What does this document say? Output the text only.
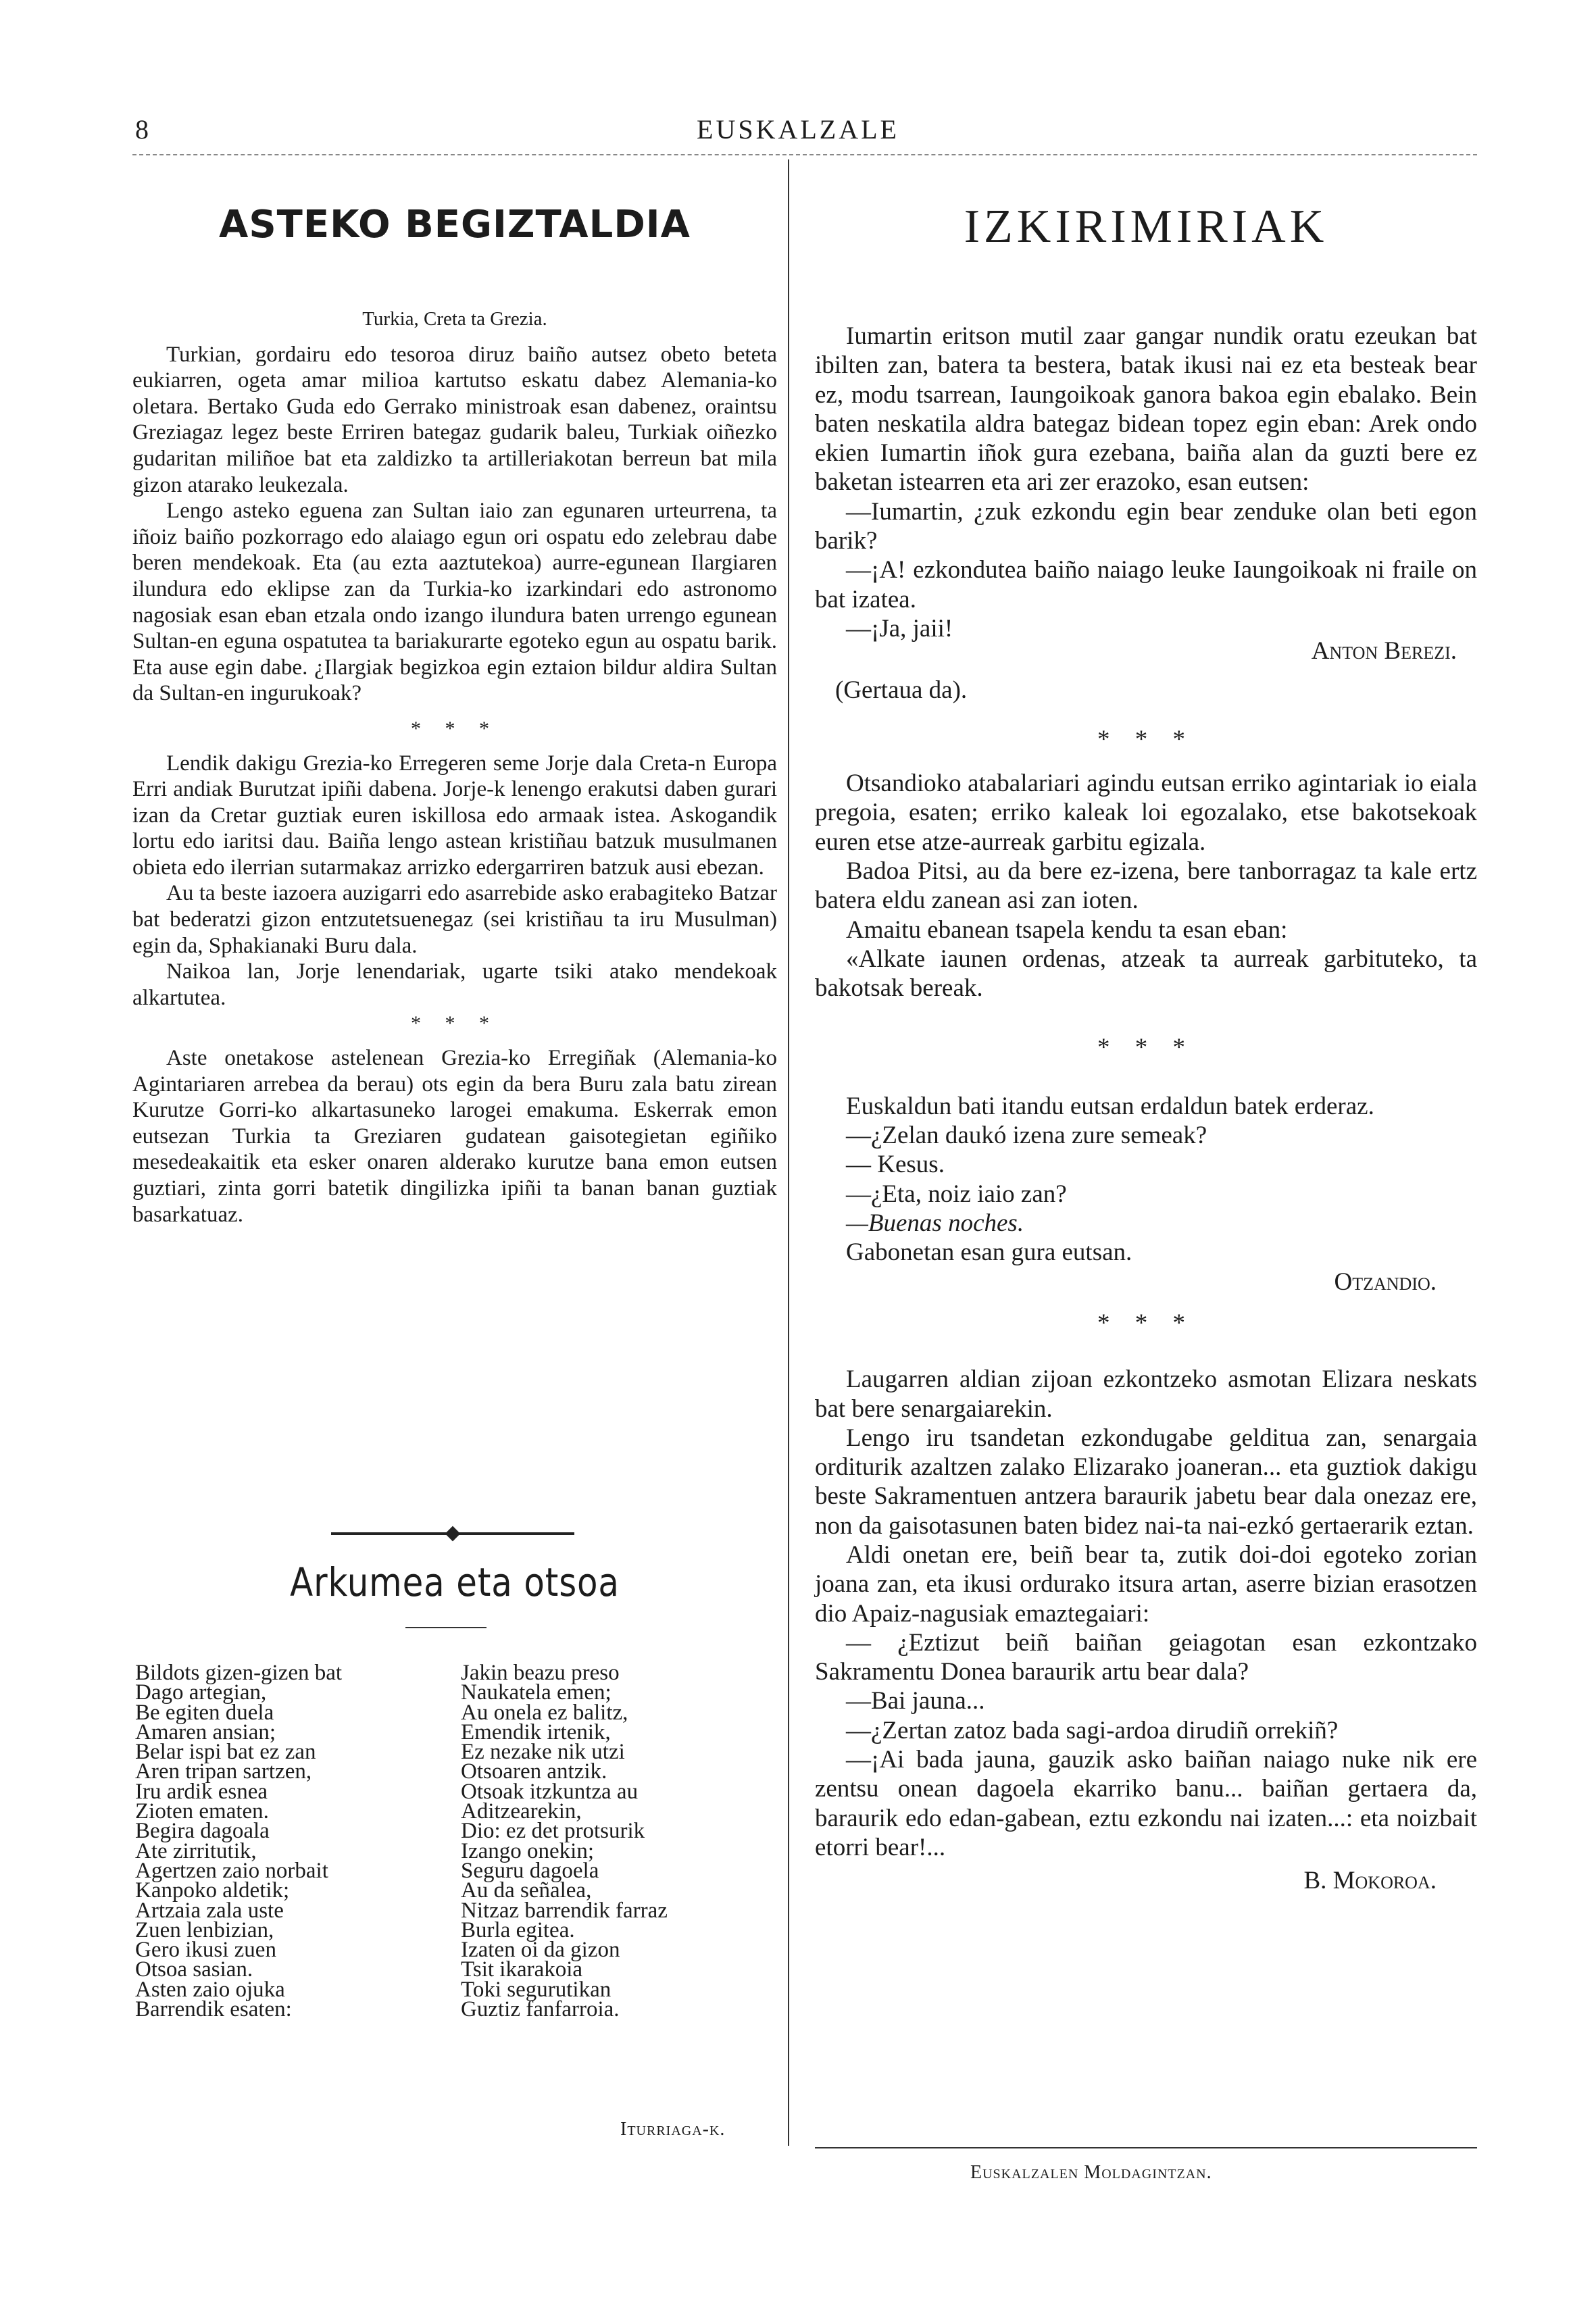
8	EUSKALZALE
ASTEKO BEGIZTALDIA

Turkia, Creta ta Grezia.

Turkian, gordairu edo tesoroa diruz baiño autsez obeto beteta eukiarren, ogeta amar milioa kartutso eskatu dabez Alemania-ko oletara. Bertako Guda edo Gerrako ministroak esan dabenez, oraintsu Greziagaz legez beste Erriren bategaz gudarik baleu, Turkiak oiñezko gudaritan miliñoe bat eta zaldizko ta artilleriakotan berreun bat mila gizon atarako leukezala.

Lengo asteko eguena zan Sultan iaio zan egunaren urteurrena, ta iñoiz baiño pozkorrago edo alaiago egun ori ospatu edo zelebrau dabe beren mendekoak. Eta (au ezta aaztutekoa) aurre-egunean Ilargiaren ilundura edo eklipse zan da Turkia-ko izarkindari edo astronomo nagosiak esan eban etzala ondo izango ilundura baten urrengo egunean Sultan-en eguna ospatutea ta bariakurarte egoteko egun au ospatu barik. Eta ause egin dabe. ¿Ilargiak begizkoa egin eztaion bildur aldira Sultan da Sultan-en ingurukoak?

* * *

Lendik dakigu Grezia-ko Erregeren seme Jorje dala Creta-n Europa Erri andiak Burutzat ipiñi dabena. Jorje-k lenengo erakutsi daben gurari izan da Cretar guztiak euren iskillosa edo armaak istea. Askogandik lortu edo iaritsi dau. Baiña lengo astean kristiñau batzuk musulmanen obieta edo ilerrian sutarmakaz arrizko edergarriren batzuk ausi ebezan.

Au ta beste iazoera auzigarri edo asarrebide asko erabagiteko Batzar bat bederatzi gizon entzutetsuenegaz (sei kristiñau ta iru Musulman) egin da, Sphakianaki Buru dala.

Naikoa lan, Jorje lenendariak, ugarte tsiki atako mendekoak alkartutea.

* * *

Aste onetakose astelenean Grezia-ko Erregiñak (Alemania-ko Agintariaren arrebea da berau) ots egin da bera Buru zala batu zirean Kurutze Gorri-ko alkartasuneko larogei emakuma. Eskerrak emon eutsezan Turkia ta Greziaren gudatean gaisotegietan egiñiko mesedeakaitik eta esker onaren alderako kurutze bana emon eutsen guztiari, zinta gorri batetik dingilizka ipiñi ta banan banan guztiak basarkatuaz.

Arkumea eta otsoa
Bildots gizen-gizen bat
Dago artegian,
Be egiten duela
Amaren ansian;
Belar ispi bat ez zan
Aren tripan sartzen,
Iru ardik esnea
Zioten ematen.
Begira dagoala
Ate zirritutik,
Agertzen zaio norbait
Kanpoko aldetik;
Artzaia zala uste
Zuen lenbizian,
Gero ikusi zuen
Otsoa sasian.
Asten zaio ojuka
Barrendik esaten:
Jakin beazu preso
Naukatela emen;
Au onela ez balitz,
Emendik irtenik,
Ez nezake nik utzi
Otsoaren antzik.
Otsoak itzkuntza au
Aditzearekin,
Dio: ez det protsurik
Izango onekin;
Seguru dagoela
Au da señalea,
Nitzaz barrendik farraz
Burla egitea.
Izaten oi da gizon
Tsit ikarakoia
Toki segurutikan
Guztiz fanfarroia.
Iturriaga-k.
IZKIRIMIRIAK

Iumartin eritson mutil zaar gangar nundik oratu ezeukan bat ibilten zan, batera ta bestera, batak ikusi nai ez eta besteak bear ez, modu tsarrean, Iaungoikoak ganora bakoa egin ebalako. Bein baten neskatila aldra bategaz bidean topez egin eban: Arek ondo ekien Iumartin iñok gura ezebana, baiña alan da guzti bere ez baketan istearren eta ari zer erazoko, esan eutsen:

—Iumartin, ¿zuk ezkondu egin bear zenduke olan beti egon barik?

—¡A! ezkondutea baiño naiago leuke Iaungoikoak ni fraile on bat izatea.

—¡Ja, jaii!

Anton Berezi.

(Gertaua da).

* * *

Otsandioko atabalariari agindu eutsan erriko agintariak io eiala pregoia, esaten; erriko kaleak loi egozalako, etse bakotsekoak euren etse atze-aurreak garbitu egizala.

Badoa Pitsi, au da bere ez-izena, bere tanborragaz ta kale ertz batera eldu zanean asi zan ioten.

Amaitu ebanean tsapela kendu ta esan eban:

«Alkate iaunen ordenas, atzeak ta aurreak garbituteko, ta bakotsak bereak.

* * *

Euskaldun bati itandu eutsan erdaldun batek erderaz.

—¿Zelan daukó izena zure semeak?

— Kesus.

—¿Eta, noiz iaio zan?

—Buenas noches.

Gabonetan esan gura eutsan.

Otzandio.

* * *

Laugarren aldian zijoan ezkontzeko asmotan Elizara neskats bat bere senargaiarekin.

Lengo iru tsandetan ezkondugabe gelditua zan, senargaia orditurik azaltzen zalako Elizarako joaneran... eta guztiok dakigu beste Sakramentuen antzera baraurik jabetu bear dala onezaz ere, non da gaisotasunen baten bidez nai-ta nai-ezkó gertaerarik eztan.

Aldi onetan ere, beiñ bear ta, zutik doi-doi egoteko zorian joana zan, eta ikusi ordurako itsura artan, aserre bizian erasotzen dio Apaiz-nagusiak emaztegaiari:

— ¿Eztizut beiñ baiñan geiagotan esan ezkontzako Sakramentu Donea baraurik artu bear dala?

—Bai jauna...

—¿Zertan zatoz bada sagi-ardoa dirudiñ orrekiñ?

—¡Ai bada jauna, gauzik asko baiñan naiago nuke nik ere zentsu onean dagoela ekarriko banu... baiñan gertaera da, baraurik edo edan-gabean, eztu ezkondu nai izaten...: eta noizbait etorri bear!...

B. Mokoroa.

Euskalzalen Moldagintzan.
